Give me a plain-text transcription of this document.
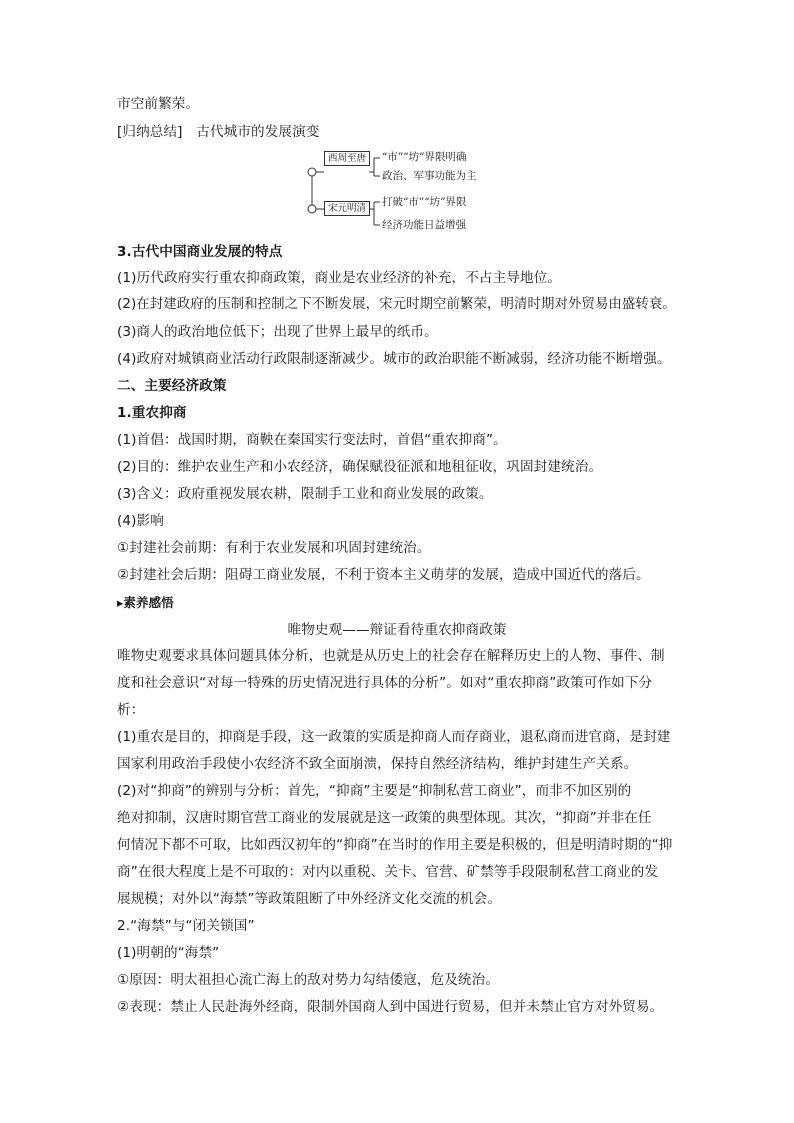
市空前繁荣。
[归纳总结]　古代城市的发展演变
西周至唐	“市”“坊”界限明确
政治、军事功能为主
宋元明清
打破“市”“坊”界限
经济功能日益增强
3.古代中国商业发展的特点
(1)历代政府实行重农抑商政策，商业是农业经济的补充，不占主导地位。
(2)在封建政府的压制和控制之下不断发展，宋元时期空前繁荣，明清时期对外贸易由盛转衰。
(3)商人的政治地位低下；出现了世界上最早的纸币。
(4)政府对城镇商业活动行政限制逐渐减少。城市的政治职能不断减弱，经济功能不断增强。
二、主要经济政策
1.重农抑商
(1)首倡：战国时期，商鞅在秦国实行变法时，首倡“重农抑商”。
(2)目的：维护农业生产和小农经济，确保赋役征派和地租征收，巩固封建统治。
(3)含义：政府重视发展农耕，限制手工业和商业发展的政策。
(4)影响
①封建社会前期：有利于农业发展和巩固封建统治。
②封建社会后期：阻碍工商业发展，不利于资本主义萌芽的发展，造成中国近代的落后。
▸素养感悟
唯物史观——辩证看待重农抑商政策
唯物史观要求具体问题具体分析，也就是从历史上的社会存在解释历史上的人物、事件、制
度和社会意识“对每一特殊的历史情况进行具体的分析”。如对“重农抑商”政策可作如下分
析：
(1)重农是目的，抑商是手段，这一政策的实质是抑商人而存商业，退私商而进官商，是封建
国家利用政治手段使小农经济不致全面崩溃，保持自然经济结构，维护封建生产关系。
(2)对“抑商”的辨别与分析：首先，“抑商”主要是“抑制私营工商业”，而非不加区别的
绝对抑制，汉唐时期官营工商业的发展就是这一政策的典型体现。其次，“抑商”并非在任
何情况下都不可取，比如西汉初年的“抑商”在当时的作用主要是积极的，但是明清时期的“抑
商”在很大程度上是不可取的：对内以重税、关卡、官营、矿禁等手段限制私营工商业的发
展规模；对外以“海禁”等政策阻断了中外经济文化交流的机会。
2.“海禁”与“闭关锁国”
(1)明朝的“海禁”
①原因：明太祖担心流亡海上的敌对势力勾结倭寇，危及统治。
②表现：禁止人民赴海外经商，限制外国商人到中国进行贸易，但并未禁止官方对外贸易。
